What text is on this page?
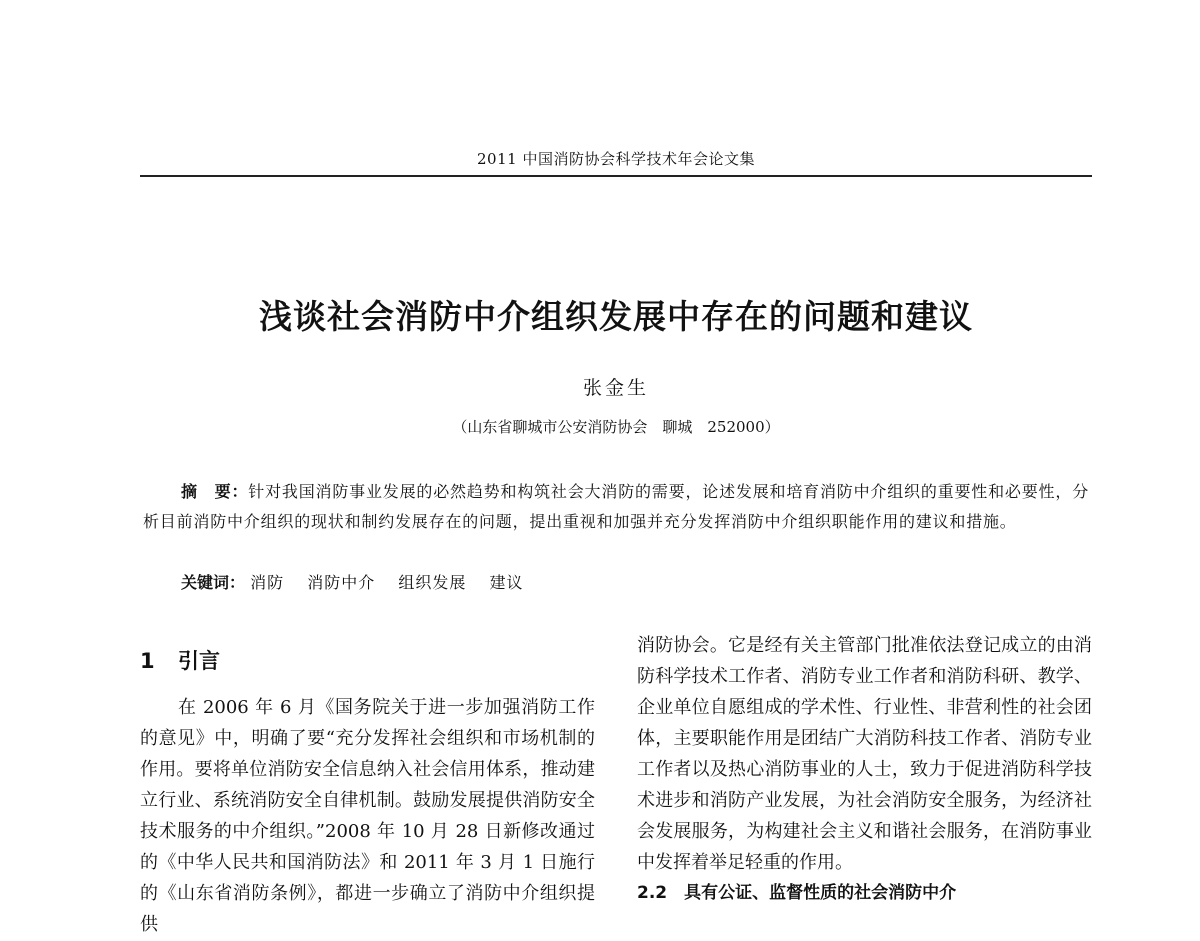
2011 中国消防协会科学技术年会论文集
浅谈社会消防中介组织发展中存在的问题和建议
张金生
（山东省聊城市公安消防协会　聊城　252000）

摘　要：针对我国消防事业发展的必然趋势和构筑社会大消防的需要，论述发展和培育消防中介组织的重要性和必要性，分析目前消防中介组织的现状和制约发展存在的问题，提出重视和加强并充分发挥消防中介组织职能作用的建议和措施。

关键词： 消防 消防中介 组织发展 建议
1 引言

在 2006 年 6 月《国务院关于进一步加强消防工作的意见》中，明确了要“充分发挥社会组织和市场机制的作用。要将单位消防安全信息纳入社会信用体系，推动建立行业、系统消防安全自律机制。鼓励发展提供消防安全技术服务的中介组织。”2008 年 10 月 28 日新修改通过的《中华人民共和国消防法》和 2011 年 3 月 1 日施行的《山东省消防条例》，都进一步确立了消防中介组织提供

消防协会。它是经有关主管部门批准依法登记成立的由消防科学技术工作者、消防专业工作者和消防科研、教学、企业单位自愿组成的学术性、行业性、非营利性的社会团体，主要职能作用是团结广大消防科技工作者、消防专业工作者以及热心消防事业的人士，致力于促进消防科学技术进步和消防产业发展，为社会消防安全服务，为经济社会发展服务，为构建社会主义和谐社会服务，在消防事业中发挥着举足轻重的作用。

2.2　具有公证、监督性质的社会消防中介
